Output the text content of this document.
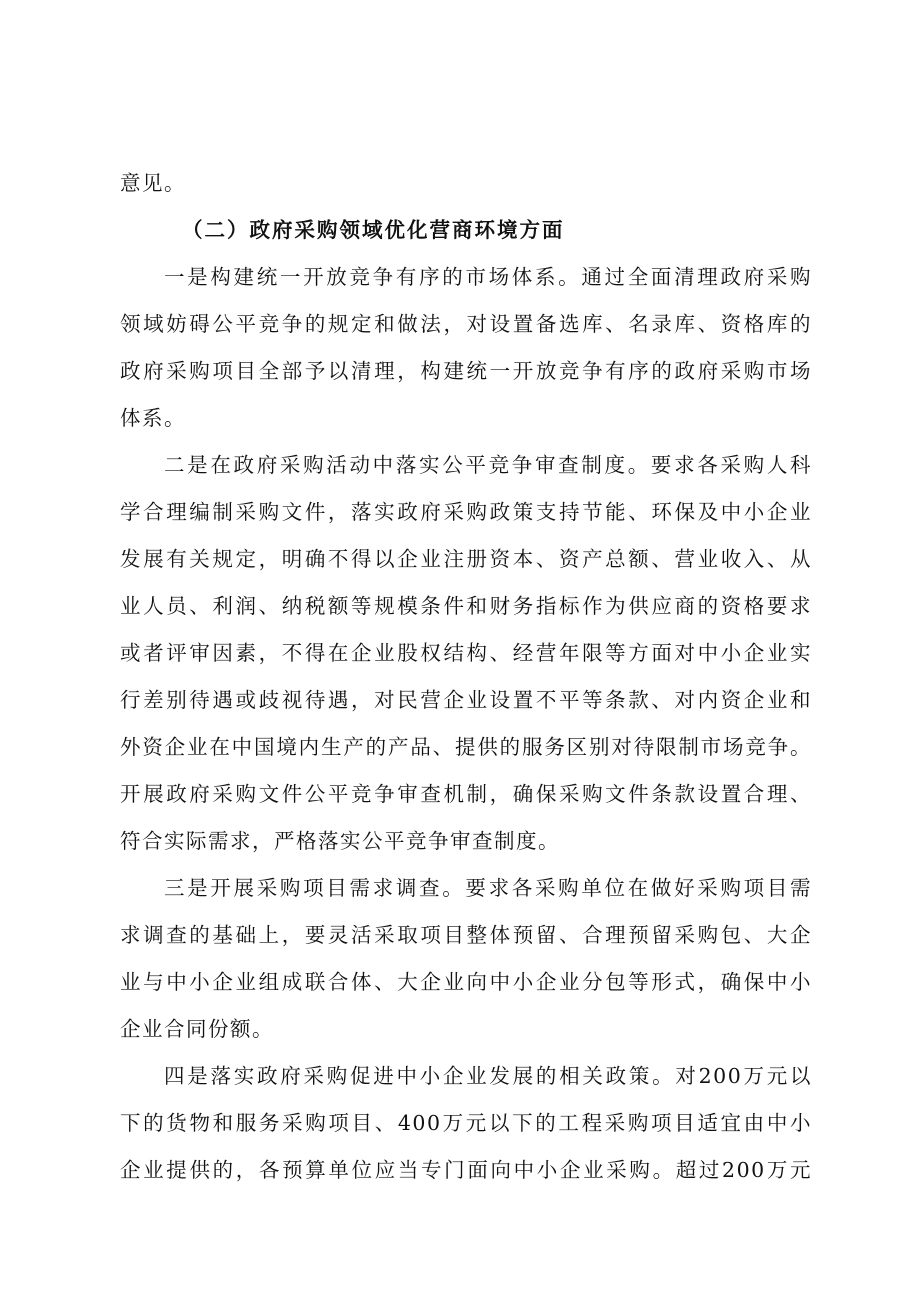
意见。

（二）政府采购领域优化营商环境方面

一是构建统一开放竞争有序的市场体系。通过全面清理政府采购
领域妨碍公平竞争的规定和做法，对设置备选库、名录库、资格库的
政府采购项目全部予以清理，构建统一开放竞争有序的政府采购市场
体系。

二是在政府采购活动中落实公平竞争审查制度。要求各采购人科
学合理编制采购文件，落实政府采购政策支持节能、环保及中小企业
发展有关规定，明确不得以企业注册资本、资产总额、营业收入、从
业人员、利润、纳税额等规模条件和财务指标作为供应商的资格要求
或者评审因素，不得在企业股权结构、经营年限等方面对中小企业实
行差别待遇或歧视待遇，对民营企业设置不平等条款、对内资企业和
外资企业在中国境内生产的产品、提供的服务区别对待限制市场竞争。
开展政府采购文件公平竞争审查机制，确保采购文件条款设置合理、
符合实际需求，严格落实公平竞争审查制度。

三是开展采购项目需求调查。要求各采购单位在做好采购项目需
求调查的基础上，要灵活采取项目整体预留、合理预留采购包、大企
业与中小企业组成联合体、大企业向中小企业分包等形式，确保中小
企业合同份额。

四是落实政府采购促进中小企业发展的相关政策。对200万元以
下的货物和服务采购项目、400万元以下的工程采购项目适宜由中小
企业提供的，各预算单位应当专门面向中小企业采购。超过200万元
